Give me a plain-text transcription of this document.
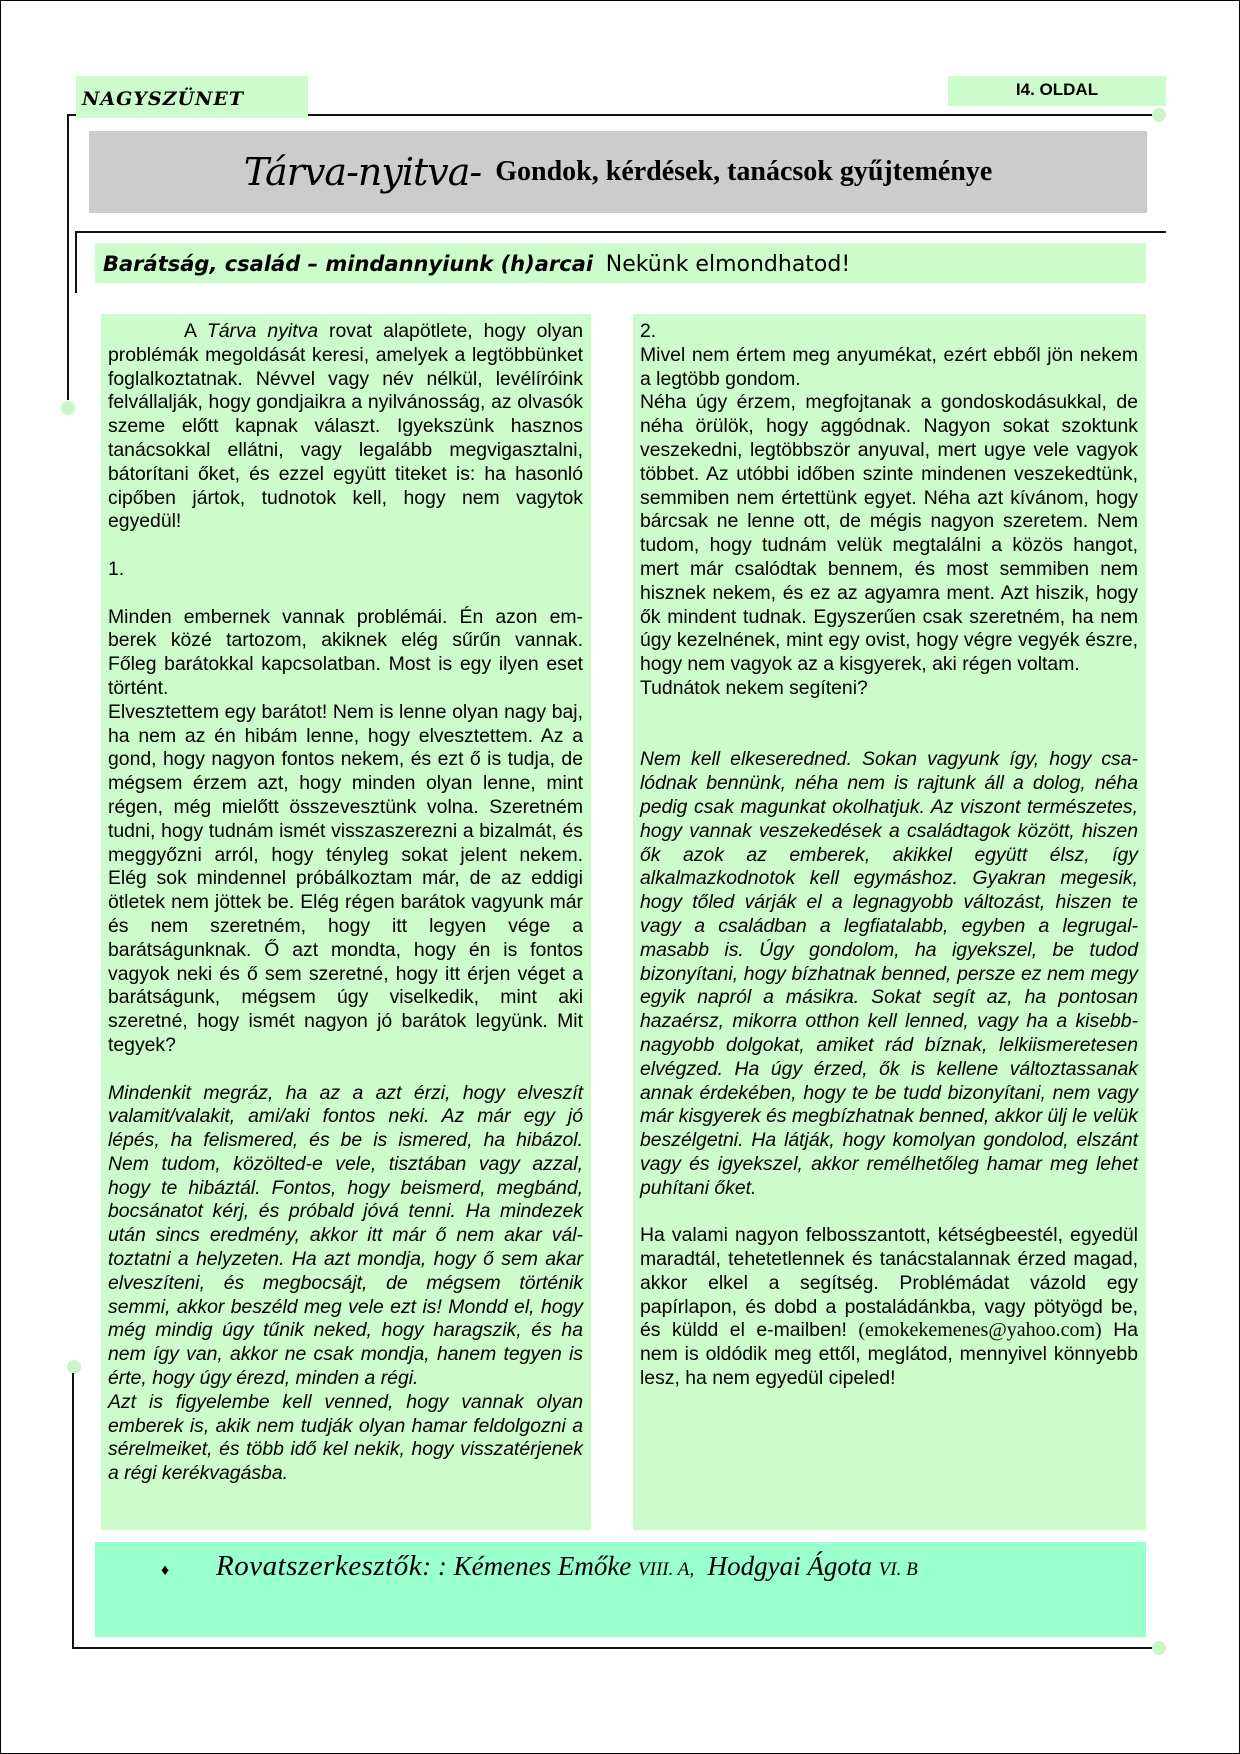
NAGYSZÜNET	I4. OLDAL
Tárva-nyitva- Gondok, kérdések, tanácsok gyűjteménye
Barátság, család – mindannyiunk (h)arcai Nekünk elmondhatod!

A Tárva nyitva rovat alapötlete, hogy olyan problémák megoldását keresi, amelyek a legtöbbünket foglalkoztatnak. Névvel vagy név nélkül, levélíróink felvállalják, hogy gondjaikra a nyilvánosság, az olvasók szeme előtt kapnak választ. Igyekszünk hasznos tanácsokkal ellátni, vagy legalább megvigasztalni, bátorítani őket, és ezzel együtt titeket is: ha hasonló cipőben jártok, tudnotok kell, hogy nem vagytok egyedül!

1.

Minden embernek vannak problémái. Én azon emberek közé tartozom, akiknek elég sűrűn vannak. Főleg barátokkal kapcsolatban. Most is egy ilyen eset történt.

Elvesztettem egy barátot! Nem is lenne olyan nagy baj, ha nem az én hibám lenne, hogy elvesztettem. Az a gond, hogy nagyon fontos nekem, és ezt ő is tudja, de mégsem érzem azt, hogy minden olyan lenne, mint régen, még mielőtt összevesztünk volna. Szeretném tudni, hogy tudnám ismét visszaszerezni a bizalmát, és meggyőzni arról, hogy tényleg sokat jelent nekem. Elég sok mindennel próbálkoztam már, de az eddigi ötletek nem jöttek be. Elég régen barátok vagyunk már és nem szeretném, hogy itt legyen vége a barátságunknak. Ő azt mondta, hogy én is fontos vagyok neki és ő sem szeretné, hogy itt érjen véget a barátságunk, mégsem úgy viselkedik, mint aki szeretné, hogy ismét nagyon jó barátok legyünk. Mit tegyek?

Mindenkit megráz, ha az a azt érzi, hogy elveszít valamit/valakit, ami/aki fontos neki. Az már egy jó lépés, ha felismered, és be is ismered, ha hibázol. Nem tudom, közölted-e vele, tisztában vagy azzal, hogy te hibáztál. Fontos, hogy beismerd, megbánd, bocsánatot kérj, és próbald jóvá tenni. Ha mindezek után sincs eredmény, akkor itt már ő nem akar változtatni a helyzeten. Ha azt mondja, hogy ő sem akar elveszíteni, és megbocsájt, de mégsem történik semmi, akkor beszéld meg vele ezt is! Mondd el, hogy még mindig úgy tűnik neked, hogy haragszik, és ha nem így van, akkor ne csak mondja, hanem tegyen is érte, hogy úgy érezd, minden a régi.

Azt is figyelembe kell venned, hogy vannak olyan emberek is, akik nem tudják olyan hamar feldolgozni a sérelmeiket, és több idő kel nekik, hogy visszatérjenek a régi kerékvagásba.

2.

Mivel nem értem meg anyumékat, ezért ebből jön nekem a legtöbb gondom.

Néha úgy érzem, megfojtanak a gondoskodásukkal, de néha örülök, hogy aggódnak. Nagyon sokat szoktunk veszekedni, legtöbbször anyuval, mert ugye vele vagyok többet. Az utóbbi időben szinte mindenen veszekedtünk, semmiben nem értettünk egyet. Néha azt kívánom, hogy bárcsak ne lenne ott, de mégis nagyon szeretem. Nem tudom, hogy tudnám velük megtalálni a közös hangot, mert már csalódtak bennem, és most semmiben nem hisznek nekem, és ez az agyamra ment. Azt hiszik, hogy ők mindent tudnak. Egyszerűen csak szeretném, ha nem úgy kezelnének, mint egy ovist, hogy végre vegyék észre, hogy nem vagyok az a kisgyerek, aki régen voltam.

Tudnátok nekem segíteni?

Nem kell elkeseredned. Sokan vagyunk így, hogy csalódnak bennünk, néha nem is rajtunk áll a dolog, néha pedig csak magunkat okolhatjuk. Az viszont természetes, hogy vannak veszekedések a családtagok között, hiszen ők azok az emberek, akikkel együtt élsz, így alkalmazkodnotok kell egymáshoz. Gyakran megesik, hogy tőled várják el a legnagyobb változást, hiszen te vagy a családban a legfiatalabb, egyben a legrugalmasabb is. Úgy gondolom, ha igyekszel, be tudod bizonyítani, hogy bízhatnak benned, persze ez nem megy egyik napról a másikra. Sokat segít az, ha pontosan hazaérsz, mikorra otthon kell lenned, vagy ha a kisebb-nagyobb dolgokat, amiket rád bíznak, lelkiismeretesen elvégzed. Ha úgy érzed, ők is kellene változtassanak annak érdekében, hogy te be tudd bizonyítani, nem vagy már kisgyerek és megbízhatnak benned, akkor ülj le velük beszélgetni. Ha látják, hogy komolyan gondolod, elszánt vagy és igyekszel, akkor remélhetőleg hamar meg lehet puhítani őket.

Ha valami nagyon felbosszantott, kétségbeestél, egyedül maradtál, tehetetlennek és tanácstalannak érzed magad, akkor elkel a segítség. Problémádat vázold egy papírlapon, és dobd a postaládánkba, vagy pötyögd be, és küldd el e-mailben! (emokekemenes@yahoo.com) Ha nem is oldódik meg ettől, meglátod, mennyivel könnyebb lesz, ha nem egyedül cipeled!

♦ Rovatszerkesztők: : Kémenes Emőke VIII. A,  Hodgyai Ágota VI. B
